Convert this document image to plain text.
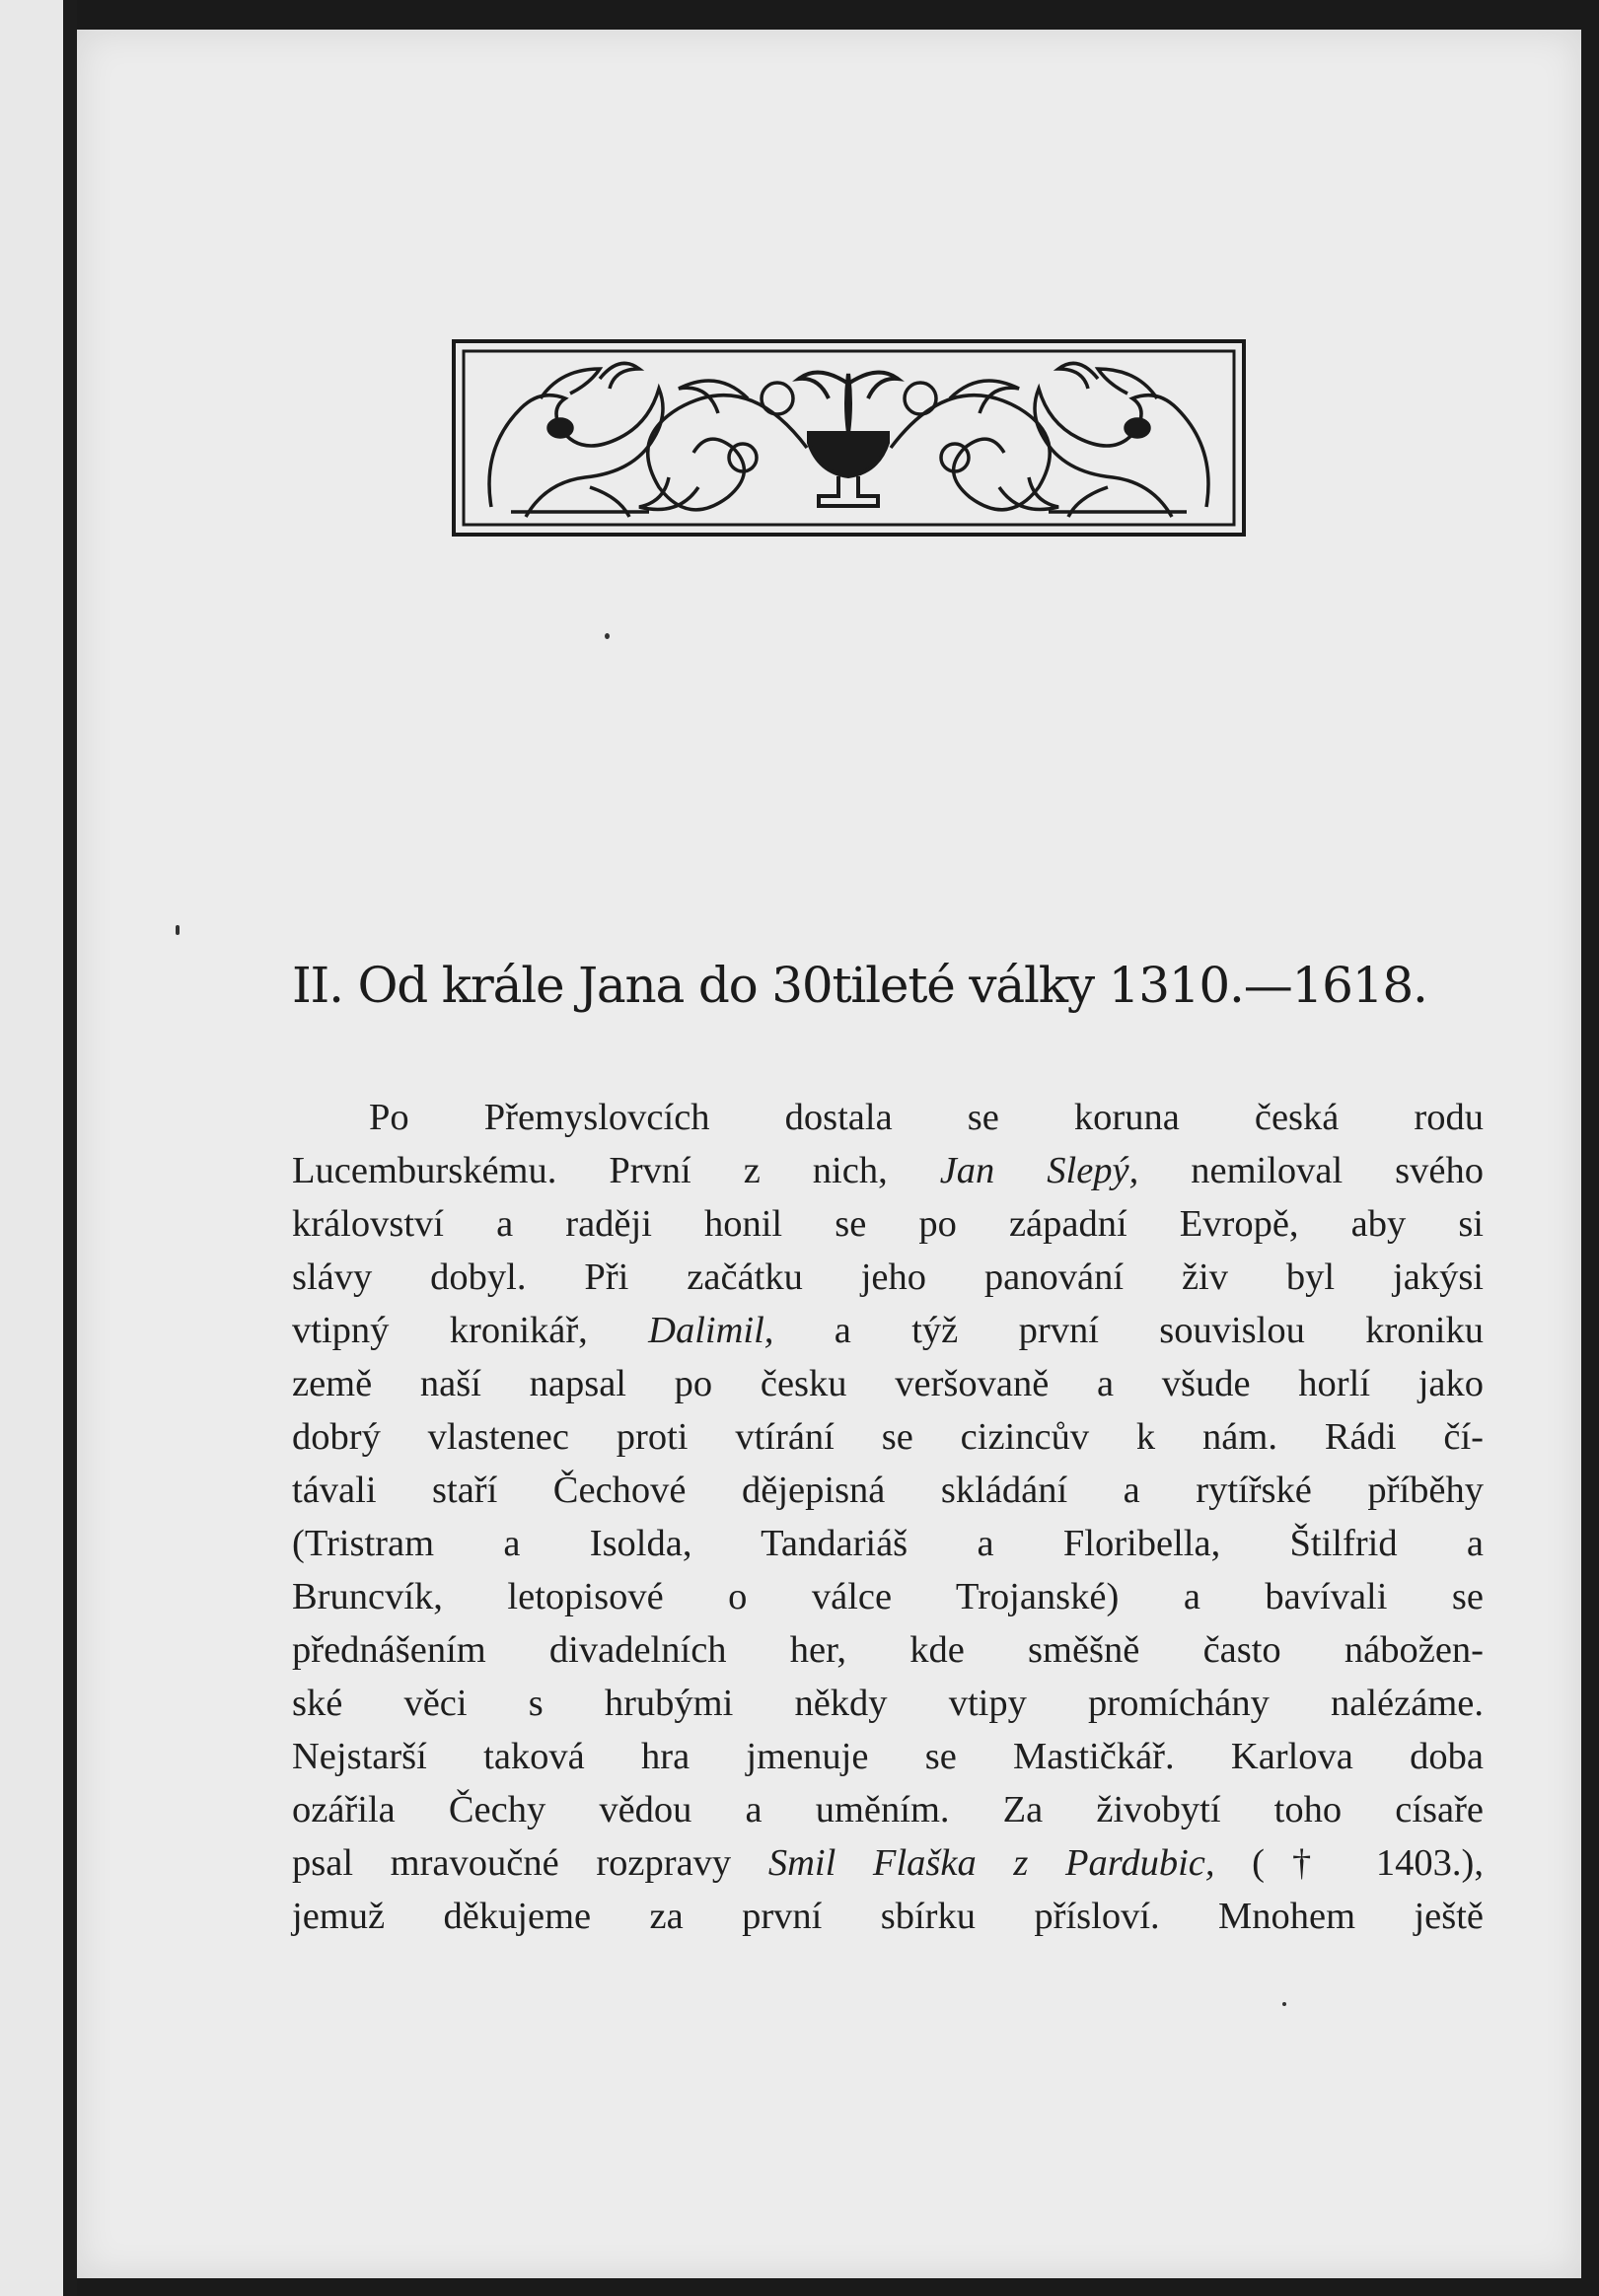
II. Od krále Jana do 30tileté války 1310.—1618.
Po Přemyslovcích dostala se koruna česká rodu
Lucemburskému. První z nich, Jan Slepý, nemiloval svého
království a raději honil se po západní Evropě, aby si
slávy dobyl. Při začátku jeho panování živ byl jakýsi
vtipný kronikář, Dalimil, a týž první souvislou kroniku
země naší napsal po česku veršovaně a všude horlí jako
dobrý vlastenec proti vtírání se cizincův k nám. Rádi čí-
távali staří Čechové dějepisná skládání a rytířské příběhy
(Tristram a Isolda, Tandariáš a Floribella, Štilfrid a
Bruncvík, letopisové o válce Trojanské) a bavívali se
přednášením divadelních her, kde směšně často nábožen-
ské věci s hrubými někdy vtipy promíchány nalézáme.
Nejstarší taková hra jmenuje se Mastičkář. Karlova doba
ozářila Čechy vědou a uměním. Za živobytí toho císaře
psal mravoučné rozpravy Smil Flaška z Pardubic, († 1403.),
jemuž děkujeme za první sbírku přísloví. Mnohem ještě
